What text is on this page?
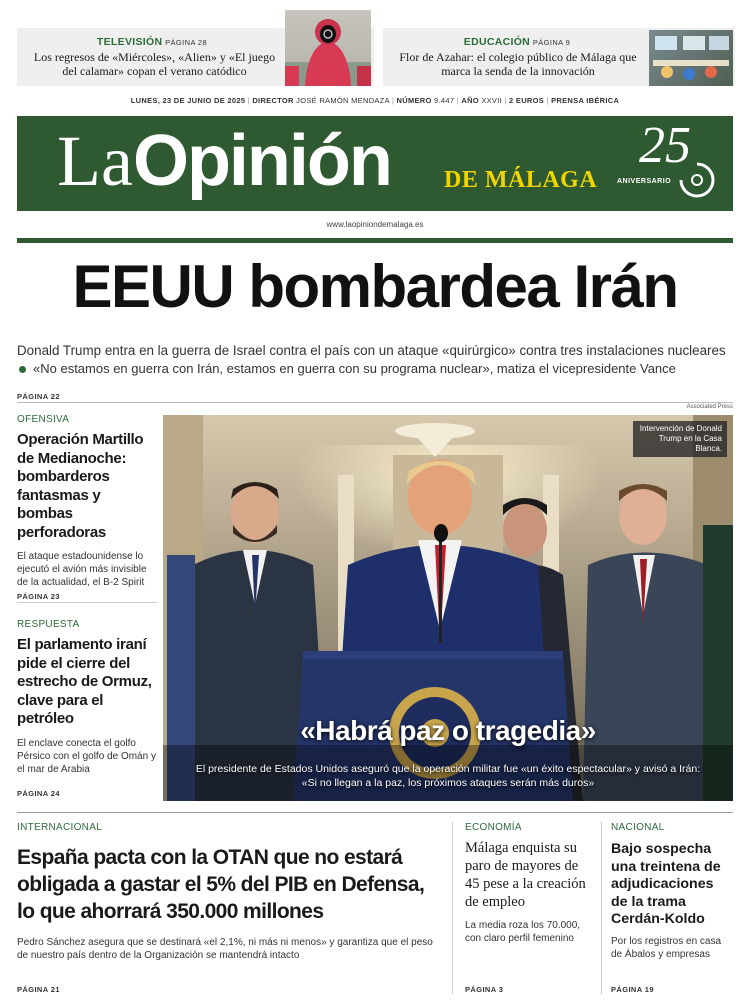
TELEVISIÓN PÁGINA 28
Los regresos de «Miércoles», «Alien» y «El juego del calamar» copan el verano catódico
EDUCACIÓN PÁGINA 9
Flor de Azahar: el colegio público de Málaga que marca la senda de la innovación
LUNES, 23 DE JUNIO DE 2025 | DIRECTOR JOSÉ RAMÓN MENDAZA | NÚMERO 9.447 | AÑO XXVII | 2 EUROS | PRENSA IBÉRICA
LaOpinión DE MÁLAGA
25
ANIVERSARIO
www.laopiniondemalaga.es
EEUU bombardea Irán
Donald Trump entra en la guerra de Israel contra el país con un ataque «quirúrgico» contra tres instalaciones nucleares
«No estamos en guerra con Irán, estamos en guerra con su programa nuclear», matiza el vicepresidente Vance
PÁGINA 22
OFENSIVA
Operación Martillo de Medianoche: bombarderos fantasmas y bombas perforadoras
El ataque estadounidense lo ejecutó el avión más invisible de la actualidad, el B-2 Spirit
PÁGINA 23
RESPUESTA
El parlamento iraní pide el cierre del estrecho de Ormuz, clave para el petróleo
El enclave conecta el golfo Pérsico con el golfo de Omán y el mar de Arabia
PÁGINA 24
Associated Press
Intervención de Donald Trump en la Casa Blanca.
«Habrá paz o tragedia»
El presidente de Estados Unidos aseguró que la operación militar fue «un éxito espectacular» y avisó a Irán: «Si no llegan a la paz, los próximos ataques serán más duros»
INTERNACIONAL
España pacta con la OTAN que no estará obligada a gastar el 5% del PIB en Defensa, lo que ahorrará 350.000 millones
Pedro Sánchez asegura que se destinará «el 2,1%, ni más ni menos» y garantiza que el peso de nuestro país dentro de la Organización se mantendrá intacto
PÁGINA 21
ECONOMÍA
Málaga enquista su paro de mayores de 45 pese a la creación de empleo
La media roza los 70.000, con claro perfil femenino
PÁGINA 3
NACIONAL
Bajo sospecha una treintena de adjudicaciones de la trama Cerdán-Koldo
Por los registros en casa de Ábalos y empresas
PÁGINA 19
